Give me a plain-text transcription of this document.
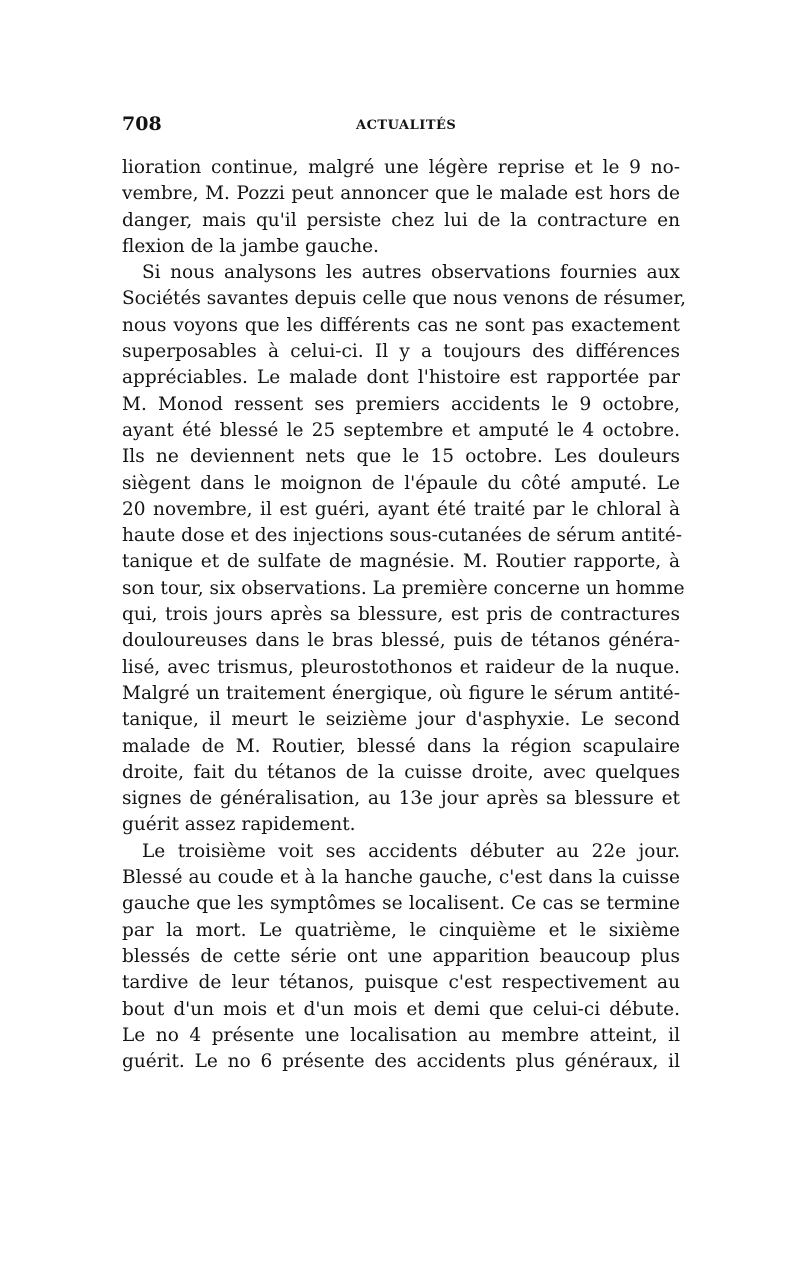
708	ACTUALITÉS
lioration continue, malgré une légère reprise et le 9 no-
vembre, M. Pozzi peut annoncer que le malade est hors de
danger, mais qu'il persiste chez lui de la contracture en
flexion de la jambe gauche.
Si nous analysons les autres observations fournies aux
Sociétés savantes depuis celle que nous venons de résumer,
nous voyons que les différents cas ne sont pas exactement
superposables à celui-ci. Il y a toujours des différences
appréciables. Le malade dont l'histoire est rapportée par
M. Monod ressent ses premiers accidents le 9 octobre,
ayant été blessé le 25 septembre et amputé le 4 octobre.
Ils ne deviennent nets que le 15 octobre. Les douleurs
siègent dans le moignon de l'épaule du côté amputé. Le
20 novembre, il est guéri, ayant été traité par le chloral à
haute dose et des injections sous-cutanées de sérum antité-
tanique et de sulfate de magnésie. M. Routier rapporte, à
son tour, six observations. La première concerne un homme
qui, trois jours après sa blessure, est pris de contractures
douloureuses dans le bras blessé, puis de tétanos généra-
lisé, avec trismus, pleurostothonos et raideur de la nuque.
Malgré un traitement énergique, où figure le sérum antité-
tanique, il meurt le seizième jour d'asphyxie. Le second
malade de M. Routier, blessé dans la région scapulaire
droite, fait du tétanos de la cuisse droite, avec quelques
signes de généralisation, au 13e jour après sa blessure et
guérit assez rapidement.
Le troisième voit ses accidents débuter au 22e jour.
Blessé au coude et à la hanche gauche, c'est dans la cuisse
gauche que les symptômes se localisent. Ce cas se termine
par la mort. Le quatrième, le cinquième et le sixième
blessés de cette série ont une apparition beaucoup plus
tardive de leur tétanos, puisque c'est respectivement au
bout d'un mois et d'un mois et demi que celui-ci débute.
Le no 4 présente une localisation au membre atteint, il
guérit. Le no 6 présente des accidents plus généraux, il
